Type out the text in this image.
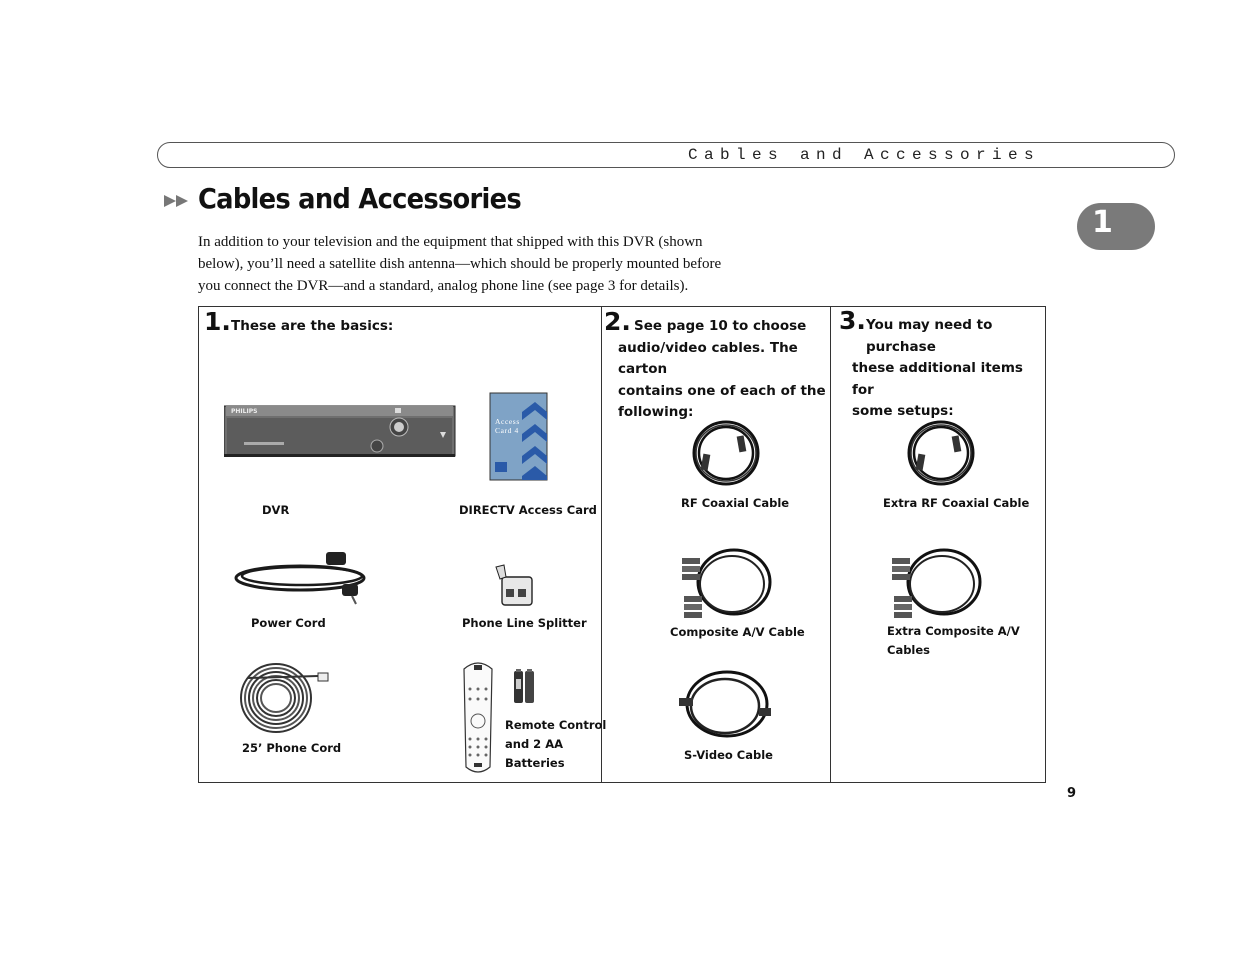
Cables and Accessories
1
Cables and Accessories
In addition to your television and the equipment that shipped with this DVR (shown
below), you’ll need a satellite dish antenna—which should be properly mounted before
you connect the DVR—and a standard, analog phone line (see page 3 for details).
1. These are the basics:
PHILIPS
DVR
Access Card 4
DIRECTV Access Card
Power Cord	Phone Line Splitter
25’ Phone Cord
Remote Control
and 2 AA
Batteries
2. See page 10 to choose
audio/video cables. The carton
contains one of each of the
following:
RF Coaxial Cable
Composite A/V Cable
S-Video Cable
3. You may need to purchase
these additional items for
some setups:
Extra RF Coaxial Cable
Extra Composite A/V
Cables
9
